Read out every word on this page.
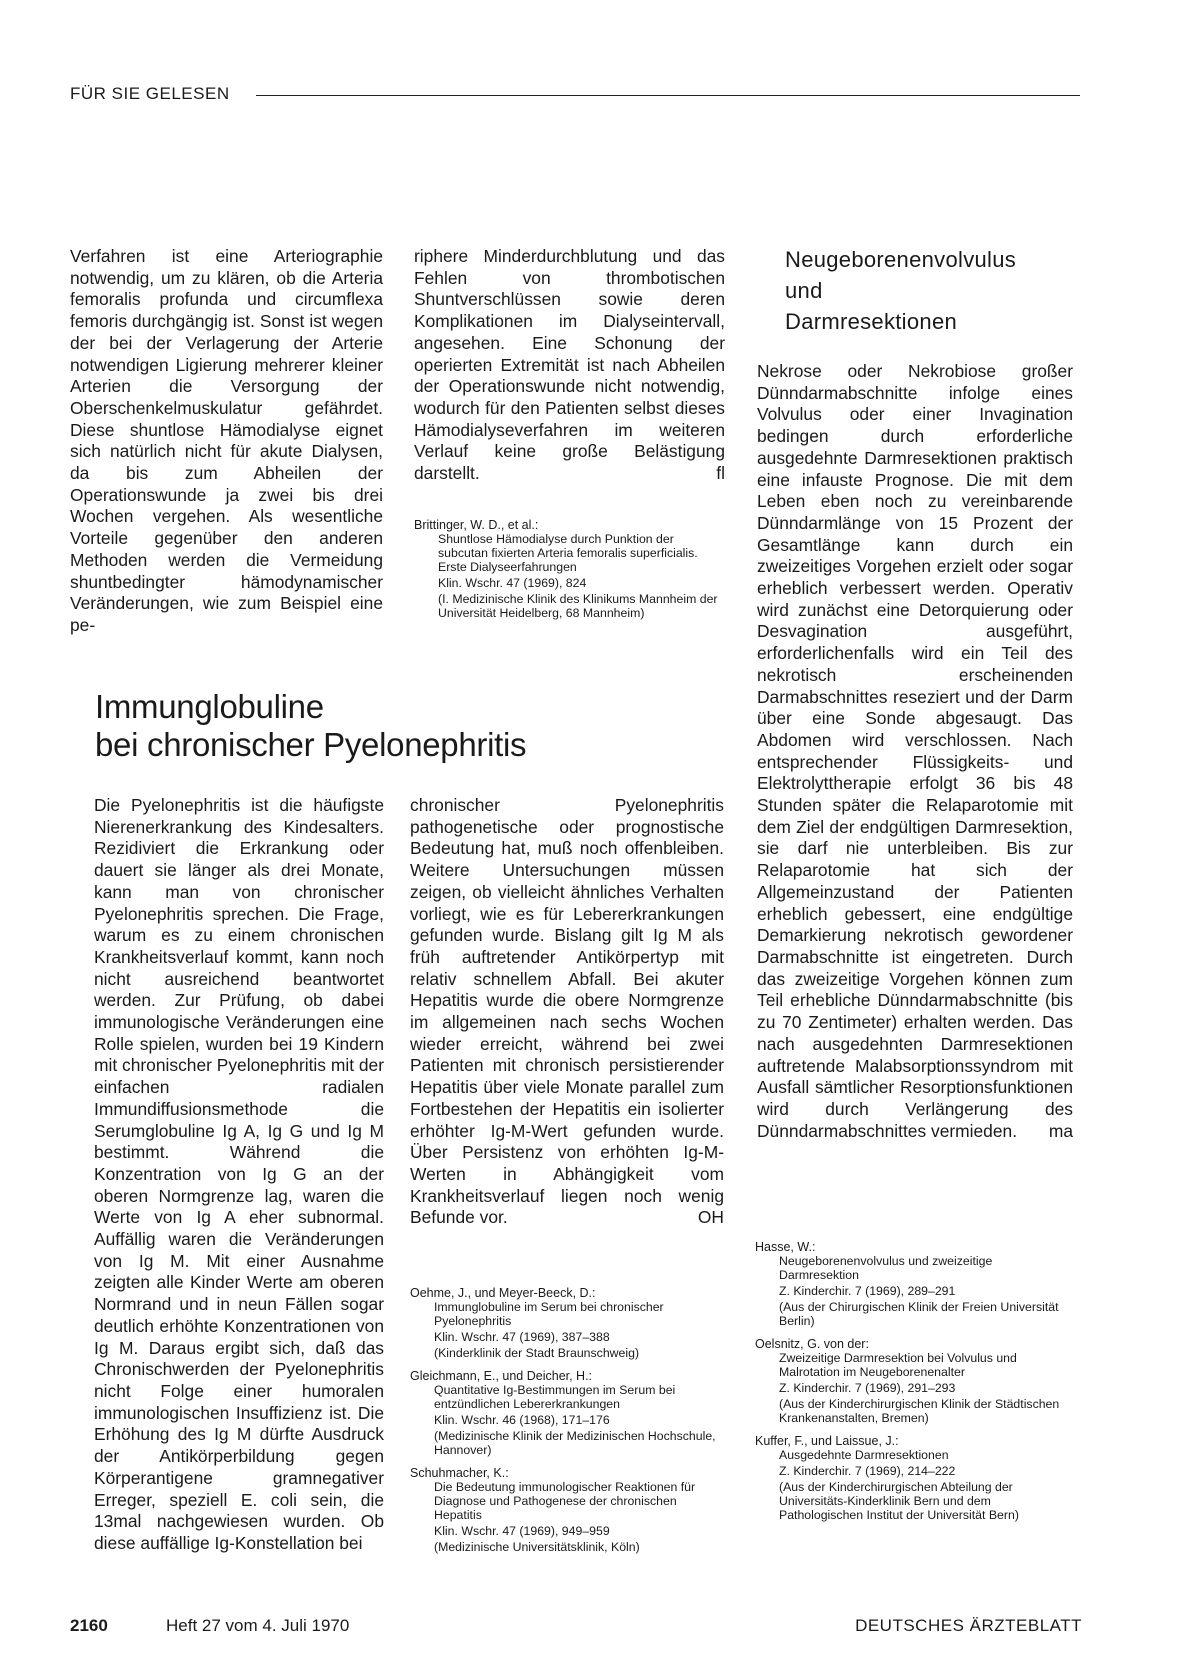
FÜR SIE GELESEN

Verfahren ist eine Arteriographie notwendig, um zu klären, ob die Arteria femoralis profunda und circumflexa femoris durchgängig ist. Sonst ist wegen der bei der Verlagerung der Arterie notwendigen Ligierung mehrerer kleiner Arterien die Versorgung der Oberschenkelmuskulatur gefährdet. Diese shuntlose Hämodialyse eignet sich natürlich nicht für akute Dialysen, da bis zum Abheilen der Operationswunde ja zwei bis drei Wochen vergehen. Als wesentliche Vorteile gegenüber den anderen Methoden werden die Vermeidung shuntbedingter hämodynamischer Veränderungen, wie zum Beispiel eine pe-

riphere Minderdurchblutung und das Fehlen von thrombotischen Shuntverschlüssen sowie deren Komplikationen im Dialyseintervall, angesehen. Eine Schonung der operierten Extremität ist nach Abheilen der Operationswunde nicht notwendig, wodurch für den Patienten selbst dieses Hämodialyseverfahren im weiteren Verlauf keine große Belästigung darstellt.	fl

Brittinger, W. D., et al.:
Shuntlose Hämodialyse durch Punktion der subcutan fixierten Arteria femoralis superficialis. Erste Dialyseerfahrungen
Klin. Wschr. 47 (1969), 824
(I. Medizinische Klinik des Klinikums Mannheim der Universität Heidelberg, 68 Mannheim)
Immunglobuline
bei chronischer Pyelonephritis

Die Pyelonephritis ist die häufigste Nierenerkrankung des Kindesalters. Rezidiviert die Erkrankung oder dauert sie länger als drei Monate, kann man von chronischer Pyelonephritis sprechen. Die Frage, warum es zu einem chronischen Krankheitsverlauf kommt, kann noch nicht ausreichend beantwortet werden. Zur Prüfung, ob dabei immunologische Veränderungen eine Rolle spielen, wurden bei 19 Kindern mit chronischer Pyelonephritis mit der einfachen radialen Immundiffusionsmethode die Serumglobuline Ig A, Ig G und Ig M bestimmt. Während die Konzentration von Ig G an der oberen Normgrenze lag, waren die Werte von Ig A eher subnormal. Auffällig waren die Veränderungen von Ig M. Mit einer Ausnahme zeigten alle Kinder Werte am oberen Normrand und in neun Fällen sogar deutlich erhöhte Konzentrationen von Ig M. Daraus ergibt sich, daß das Chronischwerden der Pyelonephritis nicht Folge einer humoralen immunologischen Insuffizienz ist. Die Erhöhung des Ig M dürfte Ausdruck der Antikörperbildung gegen Körperantigene gramnegativer Erreger, speziell E. coli sein, die 13mal nachgewiesen wurden. Ob diese auffällige Ig-Konstellation bei

chronischer Pyelonephritis pathogenetische oder prognostische Bedeutung hat, muß noch offenbleiben. Weitere Untersuchungen müssen zeigen, ob vielleicht ähnliches Verhalten vorliegt, wie es für Lebererkrankungen gefunden wurde. Bislang gilt Ig M als früh auftretender Antikörpertyp mit relativ schnellem Abfall. Bei akuter Hepatitis wurde die obere Normgrenze im allgemeinen nach sechs Wochen wieder erreicht, während bei zwei Patienten mit chronisch persistierender Hepatitis über viele Monate parallel zum Fortbestehen der Hepatitis ein isolierter erhöhter Ig-M-Wert gefunden wurde. Über Persistenz von erhöhten Ig-M-Werten in Abhängigkeit vom Krankheitsverlauf liegen noch wenig Befunde vor.	OH

Oehme, J., und Meyer-Beeck, D.:
Immunglobuline im Serum bei chronischer Pyelonephritis
Klin. Wschr. 47 (1969), 387–388
(Kinderklinik der Stadt Braunschweig)
Gleichmann, E., und Deicher, H.:
Quantitative Ig-Bestimmungen im Serum bei entzündlichen Lebererkrankungen
Klin. Wschr. 46 (1968), 171–176
(Medizinische Klinik der Medizinischen Hochschule, Hannover)
Schuhmacher, K.:
Die Bedeutung immunologischer Reaktionen für Diagnose und Pathogenese der chronischen Hepatitis
Klin. Wschr. 47 (1969), 949–959
(Medizinische Universitätsklinik, Köln)
Neugeborenenvolvulus
und
Darmresektionen

Nekrose oder Nekrobiose großer Dünndarmabschnitte infolge eines Volvulus oder einer Invagination bedingen durch erforderliche ausgedehnte Darmresektionen praktisch eine infauste Prognose. Die mit dem Leben eben noch zu vereinbarende Dünndarmlänge von 15 Prozent der Gesamtlänge kann durch ein zweizeitiges Vorgehen erzielt oder sogar erheblich verbessert werden. Operativ wird zunächst eine Detorquierung oder Desvagination ausgeführt, erforderlichenfalls wird ein Teil des nekrotisch erscheinenden Darmabschnittes reseziert und der Darm über eine Sonde abgesaugt. Das Abdomen wird verschlossen. Nach entsprechender Flüssigkeits- und Elektrolyttherapie erfolgt 36 bis 48 Stunden später die Relaparotomie mit dem Ziel der endgültigen Darmresektion, sie darf nie unterbleiben. Bis zur Relaparotomie hat sich der Allgemeinzustand der Patienten erheblich gebessert, eine endgültige Demarkierung nekrotisch gewordener Darmabschnitte ist eingetreten. Durch das zweizeitige Vorgehen können zum Teil erhebliche Dünndarmabschnitte (bis zu 70 Zentimeter) erhalten werden. Das nach ausgedehnten Darmresektionen auftretende Malabsorptionssyndrom mit Ausfall sämtlicher Resorptionsfunktionen wird durch Verlängerung des Dünndarmabschnittes vermieden. ma

Hasse, W.:
Neugeborenenvolvulus und zweizeitige Darmresektion
Z. Kinderchir. 7 (1969), 289–291
(Aus der Chirurgischen Klinik der Freien Universität Berlin)
Oelsnitz, G. von der:
Zweizeitige Darmresektion bei Volvulus und Malrotation im Neugeborenenalter
Z. Kinderchir. 7 (1969), 291–293
(Aus der Kinderchirurgischen Klinik der Städtischen Krankenanstalten, Bremen)
Kuffer, F., und Laissue, J.:
Ausgedehnte Darmresektionen
Z. Kinderchir. 7 (1969), 214–222
(Aus der Kinderchirurgischen Abteilung der Universitäts-Kinderklinik Bern und dem Pathologischen Institut der Universität Bern)
2160	Heft 27 vom 4. Juli 1970	DEUTSCHES ÄRZTEBLATT
